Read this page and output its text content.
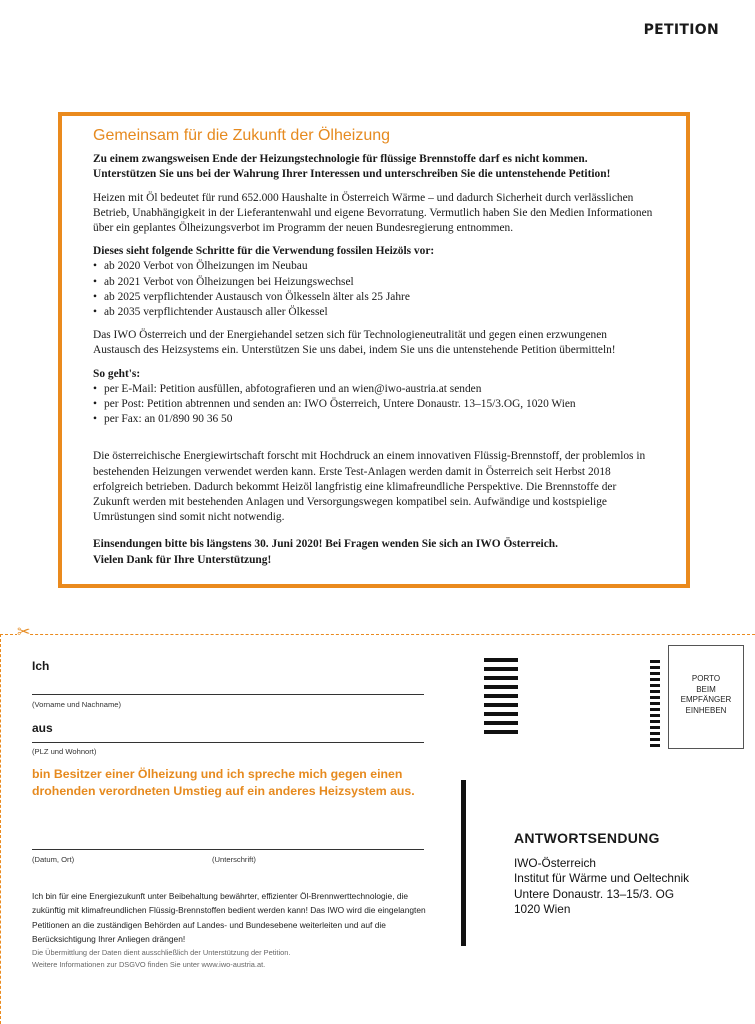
PETITION
Gemeinsam für die Zukunft der Ölheizung

Zu einem zwangsweisen Ende der Heizungstechnologie für flüssige Brennstoffe darf es nicht kommen. Unterstützen Sie uns bei der Wahrung Ihrer Interessen und unterschreiben Sie die untenstehende Petition!

Heizen mit Öl bedeutet für rund 652.000 Haushalte in Österreich Wärme – und dadurch Sicherheit durch verlässlichen Betrieb, Unabhängigkeit in der Lieferantenwahl und eigene Bevorratung. Vermutlich haben Sie den Medien Informationen über ein geplantes Ölheizungsverbot im Programm der neuen Bundesregierung entnommen.

Dieses sieht folgende Schritte für die Verwendung fossilen Heizöls vor:
• ab 2020 Verbot von Ölheizungen im Neubau
• ab 2021 Verbot von Ölheizungen bei Heizungswechsel
• ab 2025 verpflichtender Austausch von Ölkesseln älter als 25 Jahre
• ab 2035 verpflichtender Austausch aller Ölkessel

Das IWO Österreich und der Energiehandel setzen sich für Technologieneutralität und gegen einen erzwungenen Austausch des Heizsystems ein. Unterstützen Sie uns dabei, indem Sie uns die untenstehende Petition übermitteln!

So geht's:
• per E-Mail: Petition ausfüllen, abfotografieren und an wien@iwo-austria.at senden
• per Post: Petition abtrennen und senden an: IWO Österreich, Untere Donaustr. 13–15/3.OG, 1020 Wien
• per Fax: an 01/890 90 36 50

Die österreichische Energiewirtschaft forscht mit Hochdruck an einem innovativen Flüssig-Brennstoff, der problemlos in bestehenden Heizungen verwendet werden kann. Erste Test-Anlagen werden damit in Österreich seit Herbst 2018 erfolgreich betrieben. Dadurch bekommt Heizöl langfristig eine klimafreundliche Perspektive. Die Brennstoffe der Zukunft werden mit bestehenden Anlagen und Versorgungswegen kompatibel sein. Aufwändige und kostspielige Umrüstungen sind somit nicht notwendig.

Einsendungen bitte bis längstens 30. Juni 2020! Bei Fragen wenden Sie sich an IWO Österreich.
Vielen Dank für Ihre Unterstützung!
✂
Ich
(Vorname und Nachname)
aus
(PLZ und Wohnort)
bin Besitzer einer Ölheizung und ich spreche mich gegen einen drohenden verordneten Umstieg auf ein anderes Heizsystem aus.
(Datum, Ort)	(Unterschrift)
Ich bin für eine Energiezukunft unter Beibehaltung bewährter, effizienter Öl-Brennwerttechnologie, die zukünftig mit klimafreundlichen Flüssig-Brennstoffen bedient werden kann! Das IWO wird die eingelangten Petitionen an die zuständigen Behörden auf Landes- und Bundesebene weiterleiten und auf die Berücksichtigung Ihrer Anliegen drängen!
Die Übermittlung der Daten dient ausschließlich der Unterstützung der Petition.
Weitere Informationen zur DSGVO finden Sie unter www.iwo-austria.at.
PORTO
BEIM
EMPFÄNGER
EINHEBEN
ANTWORTSENDUNG
IWO-Österreich
Institut für Wärme und Oeltechnik
Untere Donaustr. 13–15/3. OG
1020 Wien
